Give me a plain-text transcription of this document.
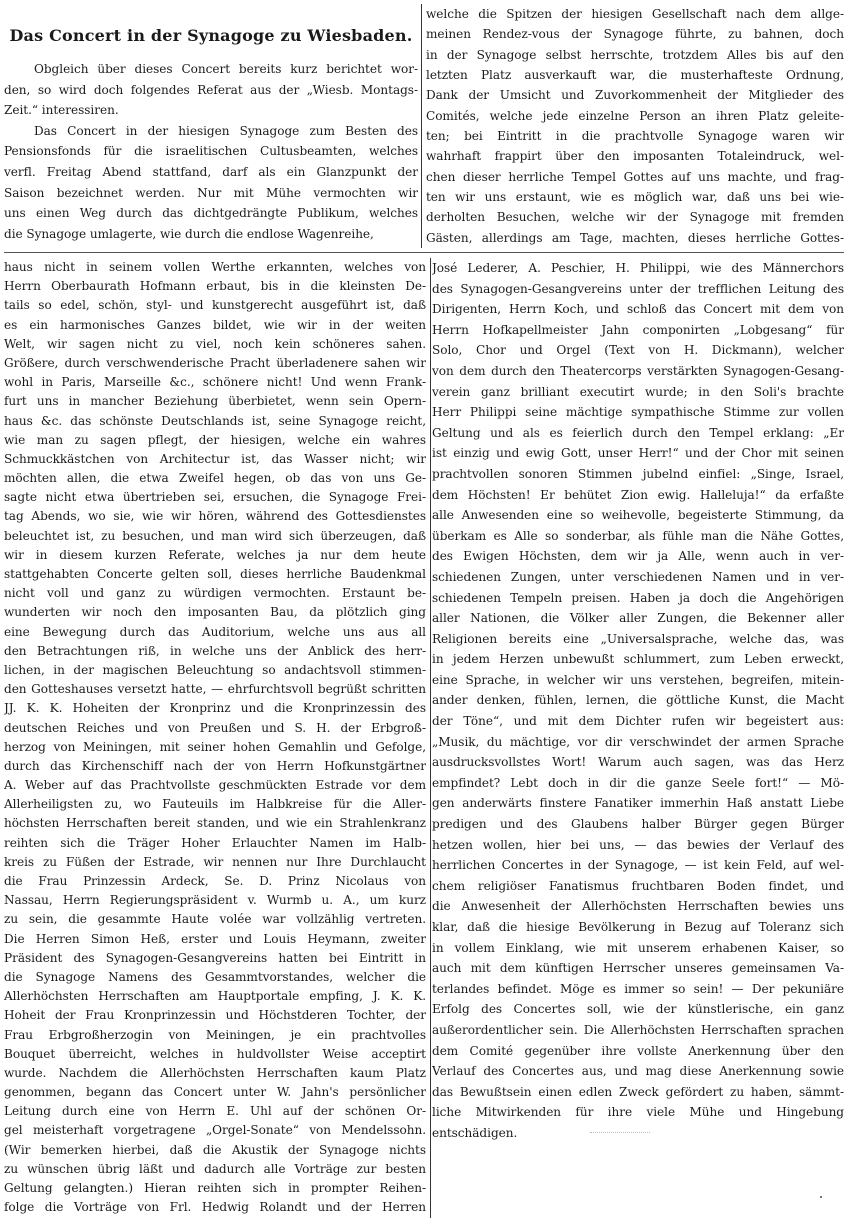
Das Concert in der Synagoge zu Wiesbaden.
Obgleich über dieses Concert bereits kurz berichtet wor-
den, so wird doch folgendes Referat aus der „Wiesb. Montags-
Zeit.“ interessiren.
Das Concert in der hiesigen Synagoge zum Besten des
Pensionsfonds für die israelitischen Cultusbeamten, welches
verfl. Freitag Abend stattfand, darf als ein Glanzpunkt der
Saison bezeichnet werden. Nur mit Mühe vermochten wir
uns einen Weg durch das dichtgedrängte Publikum, welches
die Synagoge umlagerte, wie durch die endlose Wagenreihe,
welche die Spitzen der hiesigen Gesellschaft nach dem allge-
meinen Rendez-vous der Synagoge führte, zu bahnen, doch
in der Synagoge selbst herrschte, trotzdem Alles bis auf den
letzten Platz ausverkauft war, die musterhafteste Ordnung,
Dank der Umsicht und Zuvorkommenheit der Mitglieder des
Comités, welche jede einzelne Person an ihren Platz geleite-
ten; bei Eintritt in die prachtvolle Synagoge waren wir
wahrhaft frappirt über den imposanten Totaleindruck, wel-
chen dieser herrliche Tempel Gottes auf uns machte, und frag-
ten wir uns erstaunt, wie es möglich war, daß uns bei wie-
derholten Besuchen, welche wir der Synagoge mit fremden
Gästen, allerdings am Tage, machten, dieses herrliche Gottes-
haus nicht in seinem vollen Werthe erkannten, welches von
Herrn Oberbaurath Hofmann erbaut, bis in die kleinsten De-
tails so edel, schön, styl- und kunstgerecht ausgeführt ist, daß
es ein harmonisches Ganzes bildet, wie wir in der weiten
Welt, wir sagen nicht zu viel, noch kein schöneres sahen.
Größere, durch verschwenderische Pracht überladenere sahen wir
wohl in Paris, Marseille &c., schönere nicht! Und wenn Frank-
furt uns in mancher Beziehung überbietet, wenn sein Opern-
haus &c. das schönste Deutschlands ist, seine Synagoge reicht,
wie man zu sagen pflegt, der hiesigen, welche ein wahres
Schmuckkästchen von Architectur ist, das Wasser nicht; wir
möchten allen, die etwa Zweifel hegen, ob das von uns Ge-
sagte nicht etwa übertrieben sei, ersuchen, die Synagoge Frei-
tag Abends, wo sie, wie wir hören, während des Gottesdienstes
beleuchtet ist, zu besuchen, und man wird sich überzeugen, daß
wir in diesem kurzen Referate, welches ja nur dem heute
stattgehabten Concerte gelten soll, dieses herrliche Baudenkmal
nicht voll und ganz zu würdigen vermochten. Erstaunt be-
wunderten wir noch den imposanten Bau, da plötzlich ging
eine Bewegung durch das Auditorium, welche uns aus all
den Betrachtungen riß, in welche uns der Anblick des herr-
lichen, in der magischen Beleuchtung so andachtsvoll stimmen-
den Gotteshauses versetzt hatte, — ehrfurchtsvoll begrüßt schritten
JJ. K. K. Hoheiten der Kronprinz und die Kronprinzessin des
deutschen Reiches und von Preußen und S. H. der Erbgroß-
herzog von Meiningen, mit seiner hohen Gemahlin und Gefolge,
durch das Kirchenschiff nach der von Herrn Hofkunstgärtner
A. Weber auf das Prachtvollste geschmückten Estrade vor dem
Allerheiligsten zu, wo Fauteuils im Halbkreise für die Aller-
höchsten Herrschaften bereit standen, und wie ein Strahlenkranz
reihten sich die Träger Hoher Erlauchter Namen im Halb-
kreis zu Füßen der Estrade, wir nennen nur Ihre Durchlaucht
die Frau Prinzessin Ardeck, Se. D. Prinz Nicolaus von
Nassau, Herrn Regierungspräsident v. Wurmb u. A., um kurz
zu sein, die gesammte Haute volée war vollzählig vertreten.
Die Herren Simon Heß, erster und Louis Heymann, zweiter
Präsident des Synagogen-Gesangvereins hatten bei Eintritt in
die Synagoge Namens des Gesammtvorstandes, welcher die
Allerhöchsten Herrschaften am Hauptportale empfing, J. K. K.
Hoheit der Frau Kronprinzessin und Höchstderen Tochter, der
Frau Erbgroßherzogin von Meiningen, je ein prachtvolles
Bouquet überreicht, welches in huldvollster Weise acceptirt
wurde. Nachdem die Allerhöchsten Herrschaften kaum Platz
genommen, begann das Concert unter W. Jahn's persönlicher
Leitung durch eine von Herrn E. Uhl auf der schönen Or-
gel meisterhaft vorgetragene „Orgel-Sonate“ von Mendelssohn.
(Wir bemerken hierbei, daß die Akustik der Synagoge nichts
zu wünschen übrig läßt und dadurch alle Vorträge zur besten
Geltung gelangten.) Hieran reihten sich in prompter Reihen-
folge die Vorträge von Frl. Hedwig Rolandt und der Herren
José Lederer, A. Peschier, H. Philippi, wie des Männerchors
des Synagogen-Gesangvereins unter der trefflichen Leitung des
Dirigenten, Herrn Koch, und schloß das Concert mit dem von
Herrn Hofkapellmeister Jahn componirten „Lobgesang“ für
Solo, Chor und Orgel (Text von H. Dickmann), welcher
von dem durch den Theatercorps verstärkten Synagogen-Gesang-
verein ganz brilliant executirt wurde; in den Soli's brachte
Herr Philippi seine mächtige sympathische Stimme zur vollen
Geltung und als es feierlich durch den Tempel erklang: „Er
ist einzig und ewig Gott, unser Herr!“ und der Chor mit seinen
prachtvollen sonoren Stimmen jubelnd einfiel: „Singe, Israel,
dem Höchsten! Er behütet Zion ewig. Halleluja!“ da erfaßte
alle Anwesenden eine so weihevolle, begeisterte Stimmung, da
überkam es Alle so sonderbar, als fühle man die Nähe Gottes,
des Ewigen Höchsten, dem wir ja Alle, wenn auch in ver-
schiedenen Zungen, unter verschiedenen Namen und in ver-
schiedenen Tempeln preisen. Haben ja doch die Angehörigen
aller Nationen, die Völker aller Zungen, die Bekenner aller
Religionen bereits eine „Universalsprache, welche das, was
in jedem Herzen unbewußt schlummert, zum Leben erweckt,
eine Sprache, in welcher wir uns verstehen, begreifen, mitein-
ander denken, fühlen, lernen, die göttliche Kunst, die Macht
der Töne“, und mit dem Dichter rufen wir begeistert aus:
„Musik, du mächtige, vor dir verschwindet der armen Sprache
ausdrucksvollstes Wort! Warum auch sagen, was das Herz
empfindet? Lebt doch in dir die ganze Seele fort!“ — Mö-
gen anderwärts finstere Fanatiker immerhin Haß anstatt Liebe
predigen und des Glaubens halber Bürger gegen Bürger
hetzen wollen, hier bei uns, — das bewies der Verlauf des
herrlichen Concertes in der Synagoge, — ist kein Feld, auf wel-
chem religiöser Fanatismus fruchtbaren Boden findet, und
die Anwesenheit der Allerhöchsten Herrschaften bewies uns
klar, daß die hiesige Bevölkerung in Bezug auf Toleranz sich
in vollem Einklang, wie mit unserem erhabenen Kaiser, so
auch mit dem künftigen Herrscher unseres gemeinsamen Va-
terlandes befindet. Möge es immer so sein! — Der pekuniäre
Erfolg des Concertes soll, wie der künstlerische, ein ganz
außerordentlicher sein. Die Allerhöchsten Herrschaften sprachen
dem Comité gegenüber ihre vollste Anerkennung über den
Verlauf des Concertes aus, und mag diese Anerkennung sowie
das Bewußtsein einen edlen Zweck gefördert zu haben, sämmt-
liche Mitwirkenden für ihre viele Mühe und Hingebung
entschädigen.
